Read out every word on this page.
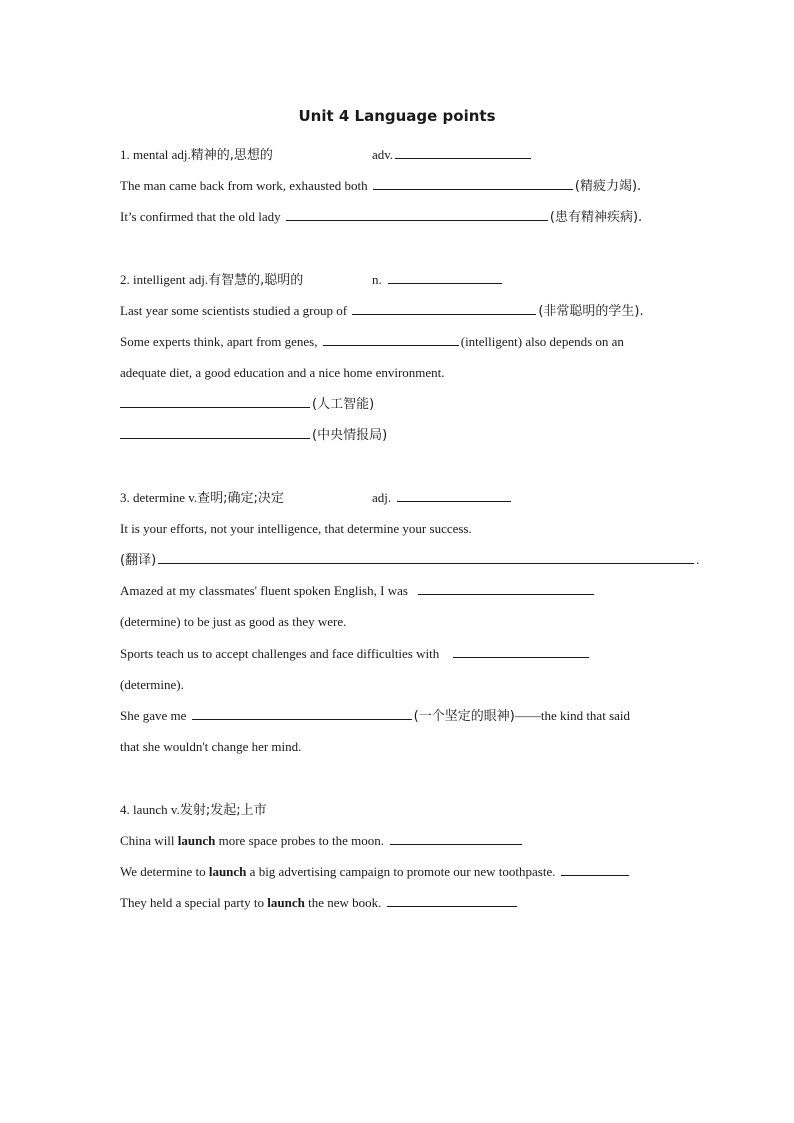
Unit 4 Language points
1. mental adj.精神的,思想的	adv.
The man came back from work, exhausted both	(精疲力竭).
It’s confirmed that the old lady	(患有精神疾病).
2. intelligent adj.有智慧的,聪明的	n.
Last year some scientists studied a group of	(非常聪明的学生).
Some experts think, apart from genes,	(intelligent) also depends on an
adequate diet, a good education and a nice home environment.
(人工智能)
(中央情报局)
3. determine v.查明;确定;决定	adj.
It is your efforts, not your intelligence, that determine your success.
(翻译)	.
Amazed at my classmates' fluent spoken English, I was
(determine) to be just as good as they were.
Sports teach us to accept challenges and face difficulties with
(determine).
She gave me	(一个坚定的眼神)——the kind that said
that she wouldn't change her mind.
4. launch v.发射;发起;上市
China will launch more space probes to the moon.
We determine to launch a big advertising campaign to promote our new toothpaste.
They held a special party to launch the new book.
